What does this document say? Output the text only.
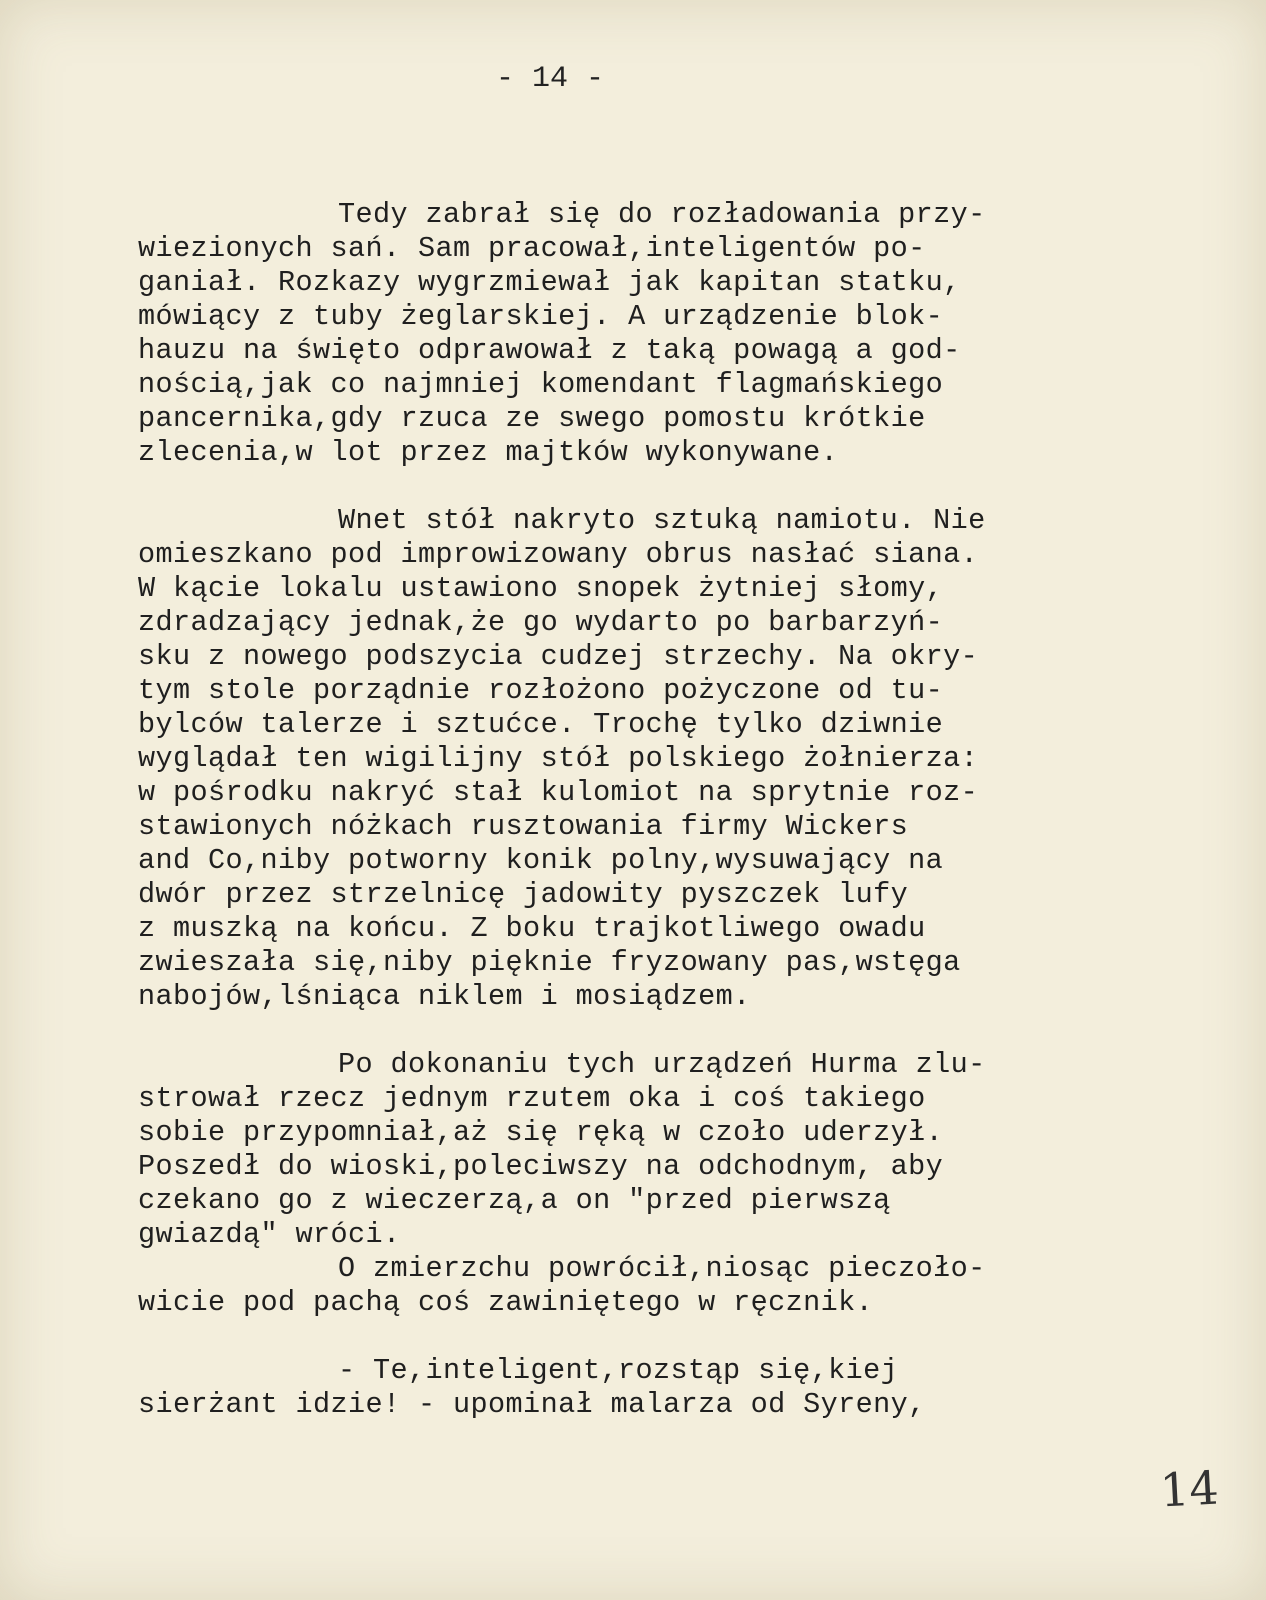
- 14 -
Tedy zabrał się do rozładowania przy-
wiezionych sań. Sam pracował,inteligentów po-
ganiał. Rozkazy wygrzmiewał jak kapitan statku,
mówiący z tuby żeglarskiej. A urządzenie blok-
hauzu na święto odprawował z taką powagą a god-
nością,jak co najmniej komendant flagmańskiego
pancernika,gdy rzuca ze swego pomostu krótkie
zlecenia,w lot przez majtków wykonywane.
Wnet stół nakryto sztuką namiotu. Nie
omieszkano pod improwizowany obrus nasłać siana.
W kącie lokalu ustawiono snopek żytniej słomy,
zdradzający jednak,że go wydarto po barbarzyń-
sku z nowego podszycia cudzej strzechy. Na okry-
tym stole porządnie rozłożono pożyczone od tu-
bylców talerze i sztućce. Trochę tylko dziwnie
wyglądał ten wigilijny stół polskiego żołnierza:
w pośrodku nakryć stał kulomiot na sprytnie roz-
stawionych nóżkach rusztowania firmy Wickers
and Co,niby potworny konik polny,wysuwający na
dwór przez strzelnicę jadowity pyszczek lufy
z muszką na końcu. Z boku trajkotliwego owadu
zwieszała się,niby pięknie fryzowany pas,wstęga
nabojów,lśniąca niklem i mosiądzem.
Po dokonaniu tych urządzeń Hurma zlu-
strował rzecz jednym rzutem oka i coś takiego
sobie przypomniał,aż się ręką w czoło uderzył.
Poszedł do wioski,poleciwszy na odchodnym, aby
czekano go z wieczerzą,a on "przed pierwszą
gwiazdą" wróci.
O zmierzchu powrócił,niosąc pieczoło-
wicie pod pachą coś zawiniętego w ręcznik.
- Te,inteligent,rozstąp się,kiej
sierżant idzie! - upominał malarza od Syreny,
14
